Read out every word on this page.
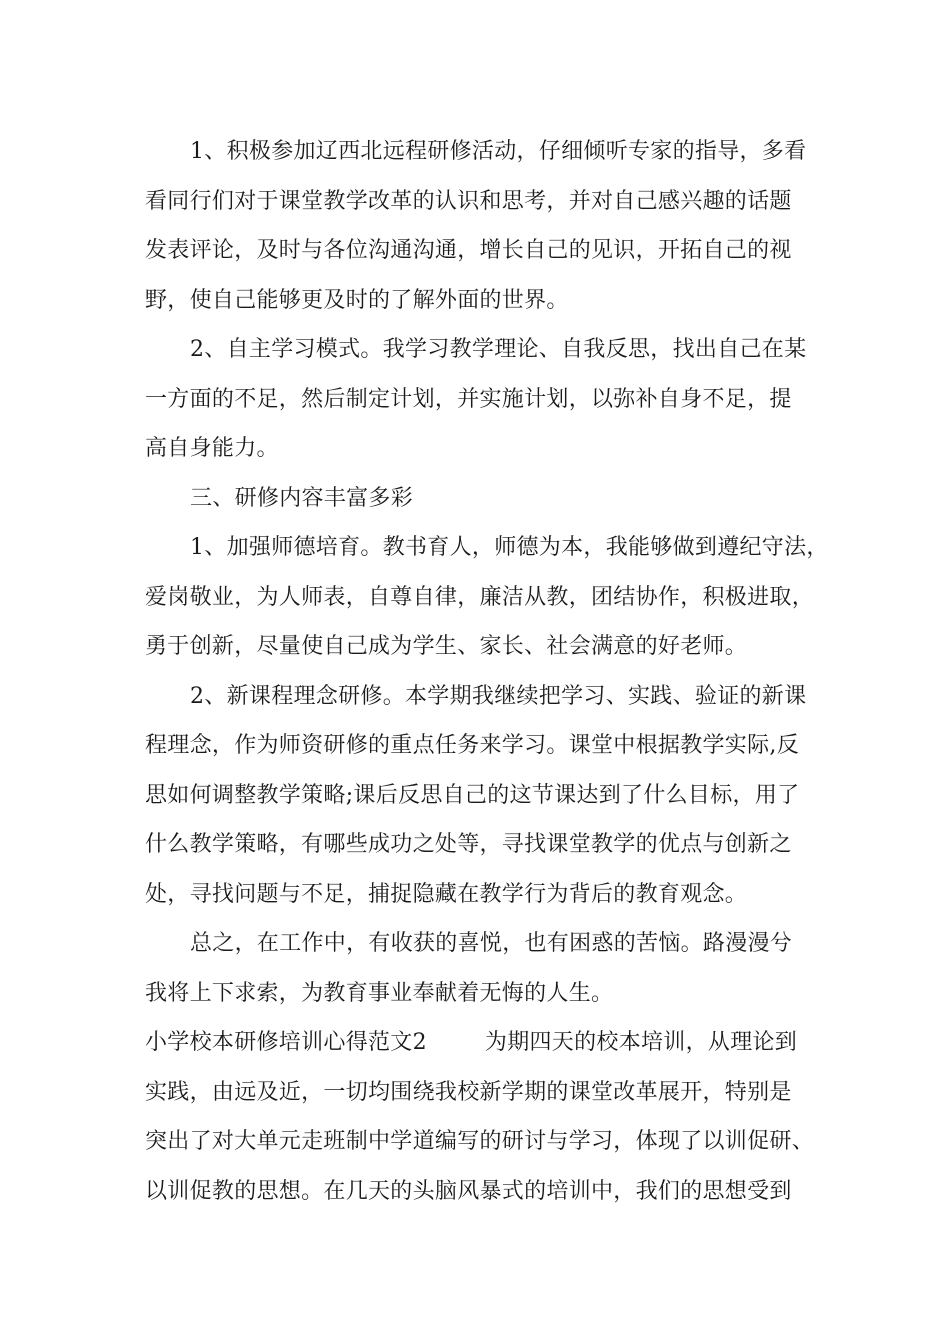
1、积极参加辽西北远程研修活动，仔细倾听专家的指导，多看
看同行们对于课堂教学改革的认识和思考，并对自己感兴趣的话题
发表评论，及时与各位沟通沟通，增长自己的见识，开拓自己的视
野，使自己能够更及时的了解外面的世界。
2、自主学习模式。我学习教学理论、自我反思，找出自己在某
一方面的不足，然后制定计划，并实施计划，以弥补自身不足，提
高自身能力。
三、研修内容丰富多彩
1、加强师德培育。教书育人，师德为本，我能够做到遵纪守法，
爱岗敬业，为人师表，自尊自律，廉洁从教，团结协作，积极进取，
勇于创新，尽量使自己成为学生、家长、社会满意的好老师。
2、新课程理念研修。本学期我继续把学习、实践、验证的新课
程理念，作为师资研修的重点任务来学习。课堂中根据教学实际,反
思如何调整教学策略;课后反思自己的这节课达到了什么目标，用了
什么教学策略，有哪些成功之处等，寻找课堂教学的优点与创新之
处，寻找问题与不足，捕捉隐藏在教学行为背后的教育观念。
总之，在工作中，有收获的喜悦，也有困惑的苦恼。路漫漫兮
我将上下求索，为教育事业奉献着无悔的人生。
小学校本研修培训心得范文2	为期四天的校本培训，从理论到
实践，由远及近，一切均围绕我校新学期的课堂改革展开，特别是
突出了对大单元走班制中学道编写的研讨与学习，体现了以训促研、
以训促教的思想。在几天的头脑风暴式的培训中，我们的思想受到
